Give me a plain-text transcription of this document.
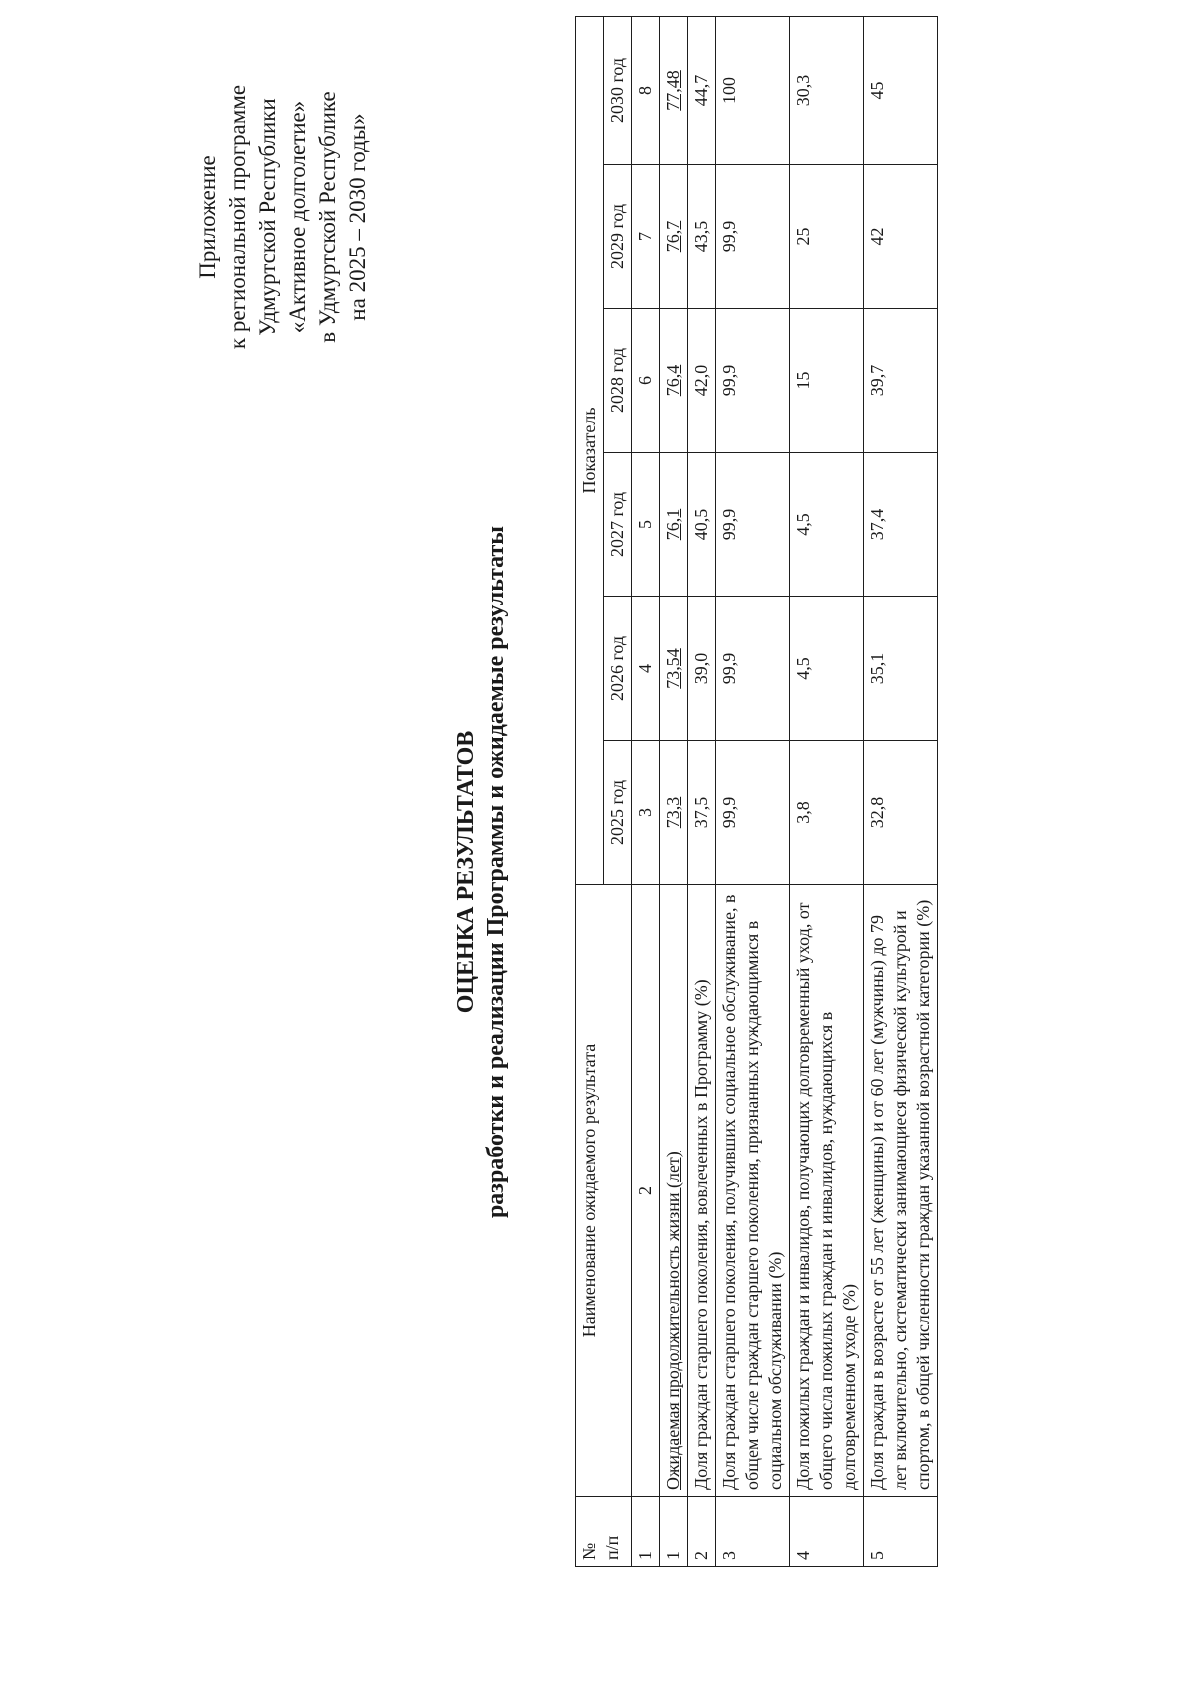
Приложение к региональной программе Удмуртской Республики «Активное долголетие» в Удмуртской Республике на 2025 – 2030 годы»
ОЦЕНКА РЕЗУЛЬТАТОВ разработки и реализации Программы и ожидаемые результаты
№ п/п	Наименование ожидаемого результата	Показатель					
		2025 год	2026 год	2027 год	2028 год	2029 год	2030 год
1	2	3	4	5	6	7	8
1	Ожидаемая продолжительность жизни (лет)	73,3	73,54	76,1	76,4	76,7	77,48
2	Доля граждан старшего поколения, вовлеченных в Программу (%)	37,5	39,0	40,5	42,0	43,5	44,7
3	Доля граждан старшего поколения, получивших социальное обслуживание, в общем числе граждан старшего поколения, признанных нуждающимися в социальном обслуживании (%)	99,9	99,9	99,9	99,9	99,9	100
4	Доля пожилых граждан и инвалидов, получающих долговременный уход, от общего числа пожилых граждан и инвалидов, нуждающихся в долговременном уходе (%)	3,8	4,5	4,5	15	25	30,3
5	Доля граждан в возрасте от 55 лет (женщины) и от 60 лет (мужчины) до 79 лет включительно, систематически занимающиеся физической культурой и спортом, в общей численности граждан указанной возрастной категории (%)	32,8	35,1	37,4	39,7	42	45
